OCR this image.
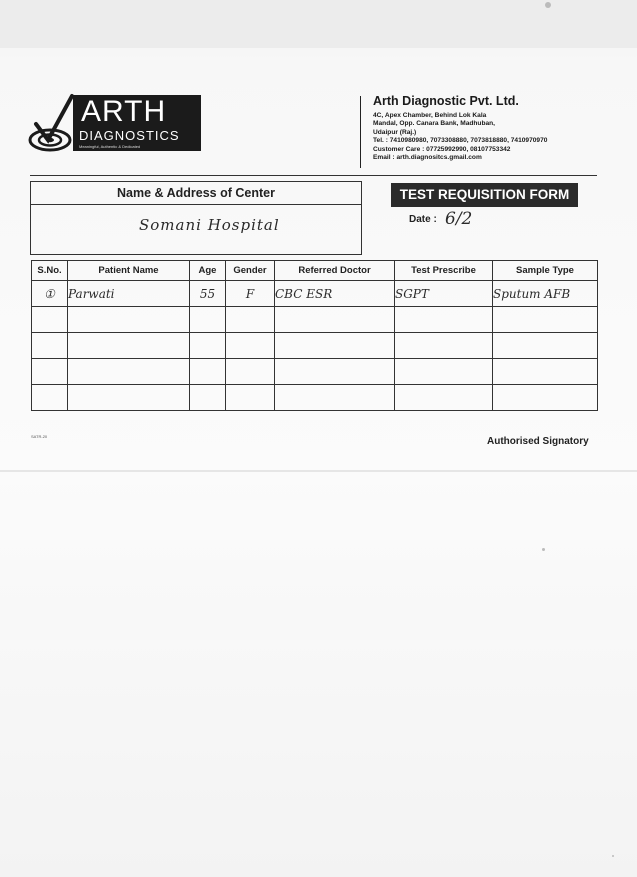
ARTH
DIAGNOSTICS
Meaningful, Authentic & Dedicated
Arth Diagnostic Pvt. Ltd.
4C, Apex Chamber, Behind Lok Kala
Mandal, Opp. Canara Bank, Madhuban,
Udaipur (Raj.)
Tel. : 7410980980, 7073308880, 7073818880, 7410970970
Customer Care : 07725992990, 08107753342
Email : arth.diagnositcs.gmail.com
Name & Address of Center
Somani Hospital
TEST REQUISITION FORM
Date : 6/2
S.No.	Patient Name	Age	Gender	Referred Doctor	Test Prescribe	Sample Type
①	Parwati	55	F	CBC ESR	SGPT	Sputum AFB

SATR-20	Authorised Signatory
